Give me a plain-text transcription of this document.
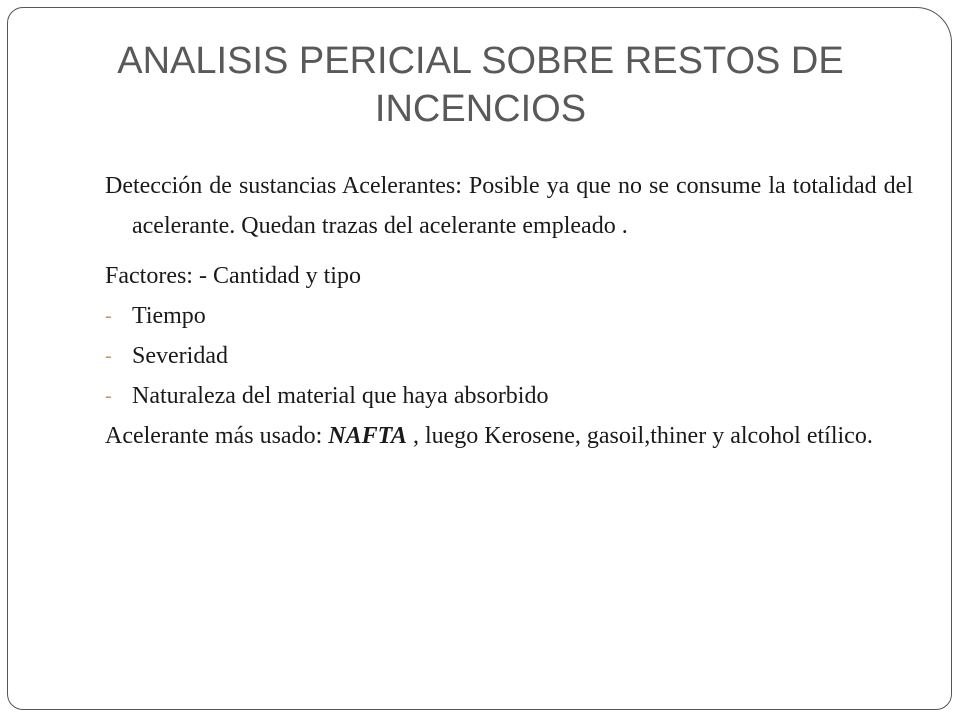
ANALISIS PERICIAL SOBRE RESTOS DE
INCENCIOS

Detección de sustancias Acelerantes: Posible ya que no se consume la totalidad del acelerante. Quedan trazas del acelerante empleado .

Factores: - Cantidad y tipo

- Tiempo

- Severidad

- Naturaleza del material que haya absorbido

Acelerante más usado: NAFTA , luego Kerosene, gasoil,thiner y alcohol etílico.
